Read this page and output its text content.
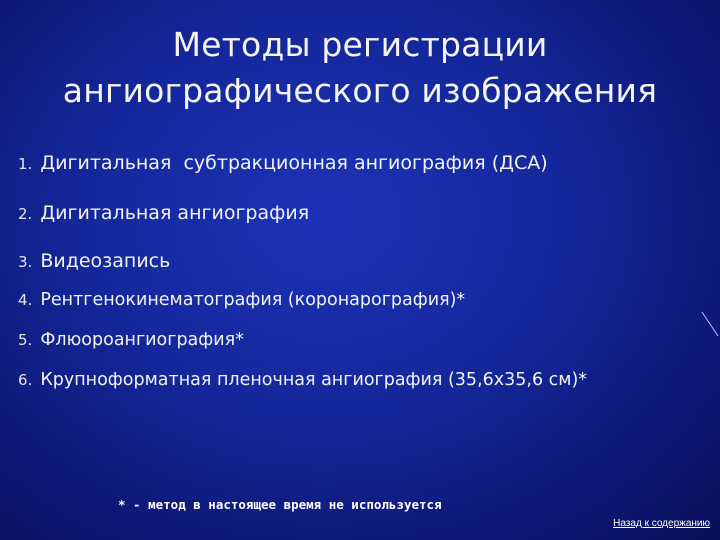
Методы регистрации
ангиографического изображения
1. Дигитальная  субтракционная ангиография (ДСА)
2. Дигитальная ангиография
3. Видеозапись
4. Рентгенокинематография (коронарография)*
5. Флюороангиография*
6. Крупноформатная пленочная ангиография (35,6х35,6 см)*
* - метод в настоящее время не используется
Назад к содержанию
